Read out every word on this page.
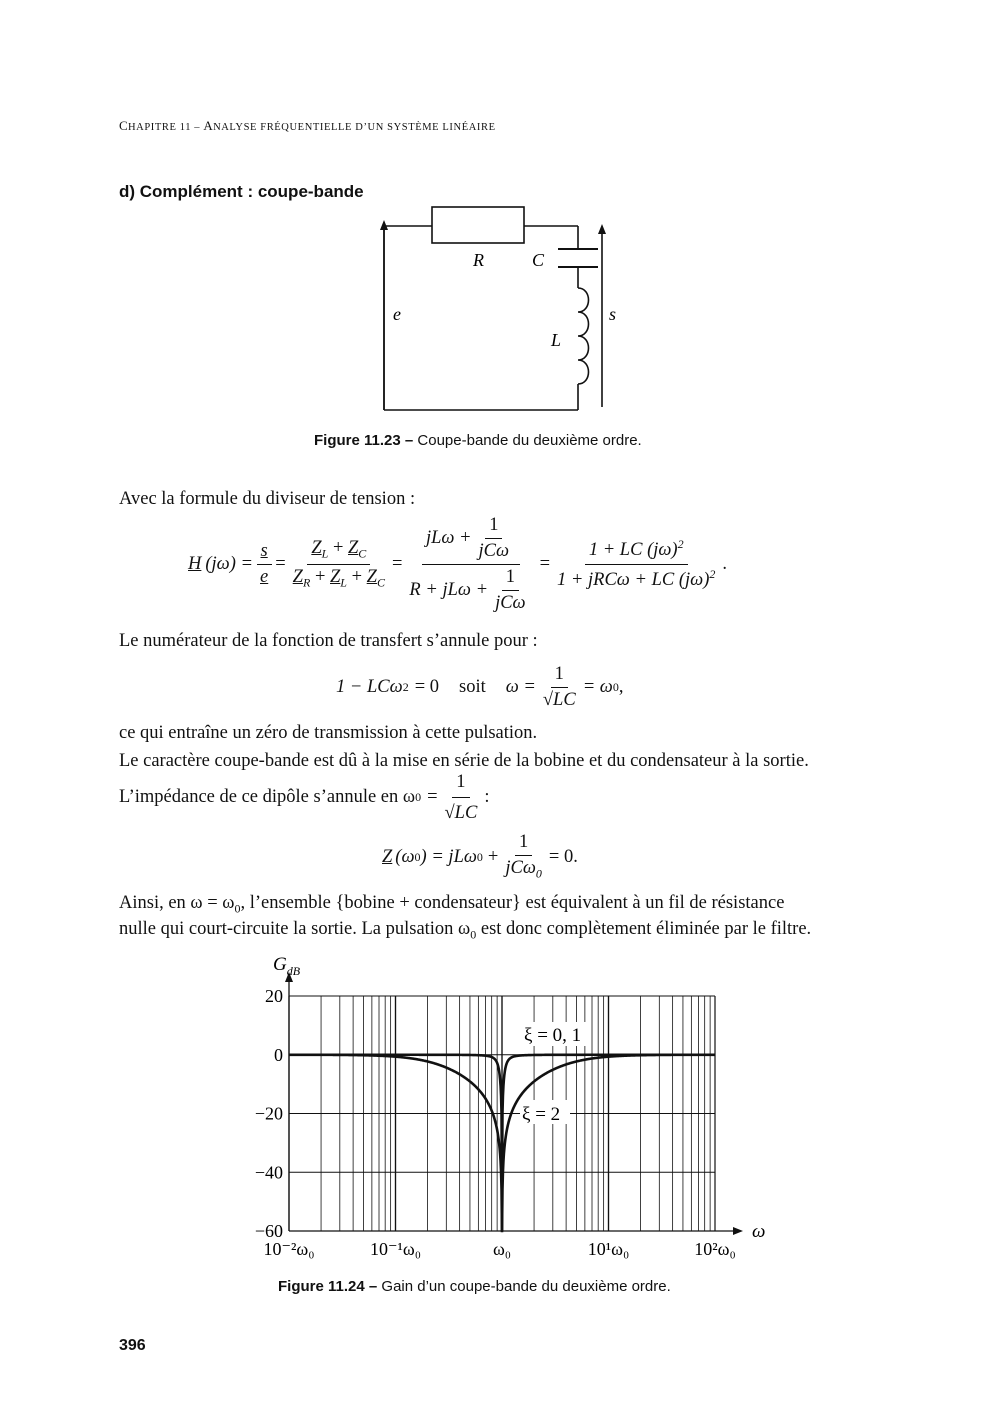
CHAPITRE 11 – ANALYSE FRÉQUENTIELLE D’UN SYSTÈME LINÉAIRE
d) Complément : coupe-bande
R	C
L
e	s
Figure 11.23 – Coupe-bande du deuxième ordre.
Avec la formule du diviseur de tension :
H $(j\omega) = \frac{s}{e} = \frac{Z_L + Z_C}{Z_R + Z_L + Z_C} = \frac{jL\omega + \frac{1}{\text{jCω}}}{R + jL\omega + \frac{1}{\text{jCω}}} = \frac{1 + LC (j\omega)^2}{1 + jRC\omega + LC (j\omega)^2}$ .
Le numérateur de la fonction de transfert s’annule pour :
1 − LCω 2 = 0 soit $\omega = \frac{1}{√LC} = \omega$ 0 ,
ce qui entraîne un zéro de transmission à cette pulsation.
Le caractère coupe-bande est dû à la mise en série de la bobine et du condensateur à la sortie.
L’impédance de ce dipôle s’annule en ω $0 = \frac{1}{√LC}$ :
Z (ω 0 ) = jLω $0 + \frac{1}{jC\omega_0} = 0$.
Ainsi, en $\omega = \omega_0$, l’ensemble {bobine + condensateur} est équivalent à un fil de résistance
nulle qui court-circuite la sortie. La pulsation $\omega_0$ est donc complètement éliminée par le filtre.
20
0
−20
−40
−60
10⁻²ω₀	10⁻¹ω₀	ω₀	10¹ω₀	10²ω₀
$G_{dB}$
ω
ξ = 0, 1
ξ = 2
Figure 11.24 – Gain d’un coupe-bande du deuxième ordre.
396
